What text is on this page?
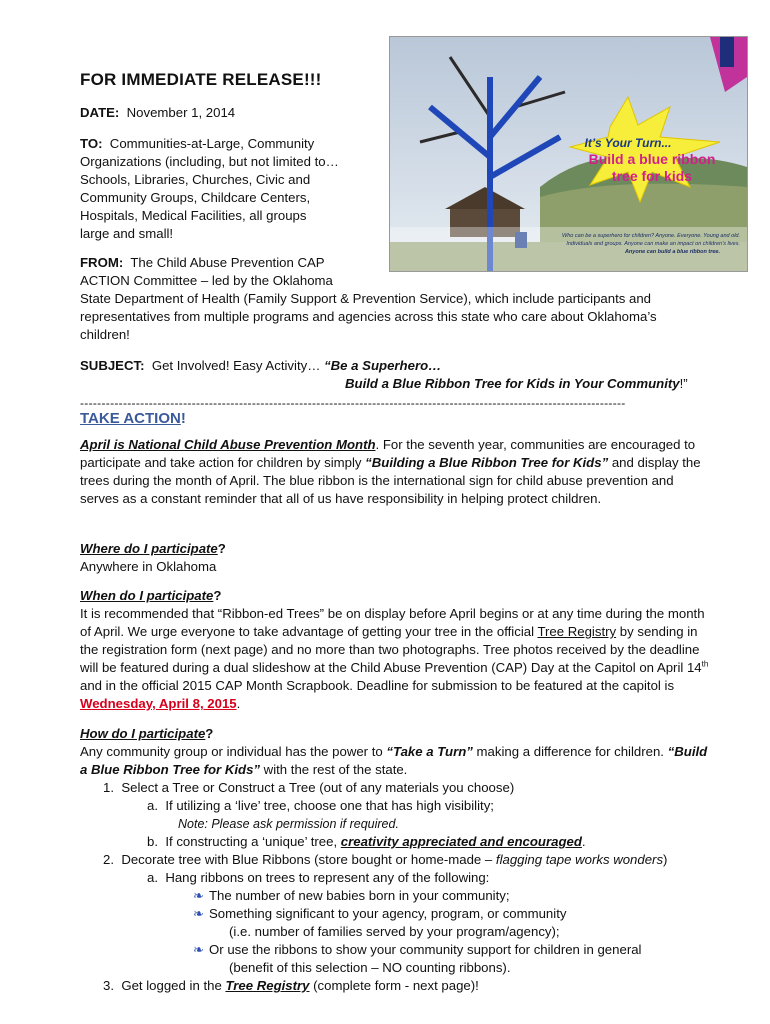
FOR IMMEDIATE RELEASE!!!
DATE: November 1, 2014
TO: Communities-at-Large, Community
Organizations (including, but not limited to…
Schools, Libraries, Churches, Civic and
Community Groups, Childcare Centers,
Hospitals, Medical Facilities, all groups
large and small!
FROM: The Child Abuse Prevention CAP
ACTION Committee – led by the Oklahoma

State Department of Health (Family Support & Prevention Service), which include participants and representatives from multiple programs and agencies across this state who care about Oklahoma’s children!

SUBJECT: Get Involved! Easy Activity… “Be a Superhero…
Build a Blue Ribbon Tree for Kids in Your Community!”
-------------------------------------------------------------------------------------------------------------------------------
TAKE ACTION!

April is National Child Abuse Prevention Month. For the seventh year, communities are encouraged to participate and take action for children by simply “Building a Blue Ribbon Tree for Kids” and display the trees during the month of April. The blue ribbon is the international sign for child abuse prevention and serves as a constant reminder that all of us have responsibility in helping protect children.

Where do I participate?
Anywhere in Oklahoma
When do I participate?

It is recommended that “Ribbon-ed Trees” be on display before April begins or at any time during the month of April. We urge everyone to take advantage of getting your tree in the official Tree Registry by sending in the registration form (next page) and no more than two photographs. Tree photos received by the deadline will be featured during a dual slideshow at the Child Abuse Prevention (CAP) Day at the Capitol on April 14th and in the official 2015 CAP Month Scrapbook. Deadline for submission to be featured at the capitol is Wednesday, April 8, 2015.

How do I participate?

Any community group or individual has the power to “Take a Turn” making a difference for children. “Build a Blue Ribbon Tree for Kids” with the rest of the state.

1. Select a Tree or Construct a Tree (out of any materials you choose)
a. If utilizing a ‘live’ tree, choose one that has high visibility;
Note: Please ask permission if required.
b. If constructing a ‘unique’ tree, creativity appreciated and encouraged.
2. Decorate tree with Blue Ribbons (store bought or home-made – flagging tape works wonders)
a. Hang ribbons on trees to represent any of the following:
❧ The number of new babies born in your community;
❧ Something significant to your agency, program, or community
(i.e. number of families served by your program/agency);
❧ Or use the ribbons to show your community support for children in general
(benefit of this selection – NO counting ribbons).
3. Get logged in the Tree Registry (complete form - next page)!
It’s Your Turn...
Build a blue ribbon
tree for kids
Who can be a superhero for children? Anyone. Everyone. Young and old.
Individuals and groups. Anyone can make an impact on children’s lives.
Anyone can build a blue ribbon tree.
